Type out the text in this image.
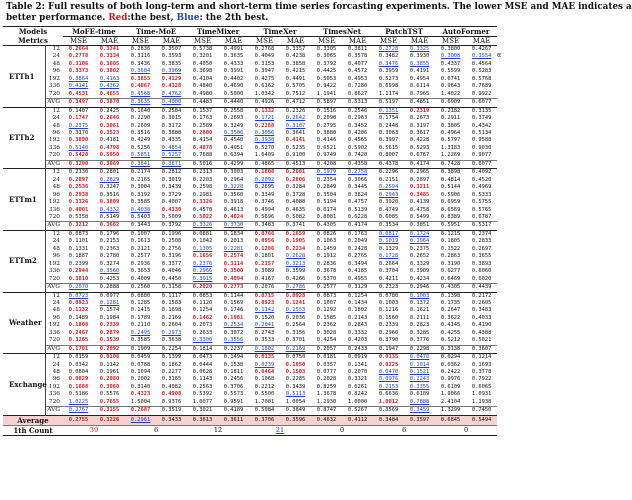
Table 2: Full results of both long-term and short-term time series forcasting experiments. The lower MSE and MAE indicates a
better performance. Red:the best, Blue: the 2th best.
Models		MoFE-time		Time-MoE		TimeMixer		TimeXer		TimesNet		PatchTST		AutoFormer			
Metrics		MSE	MAE	MSE	MAE	MSE	MAE	MSE	MAE	MSE	MAE	MSE	MAE	MSE	MAE		
ETTh1	12	0.2664	0.3241	0.2836	0.3507	0.5738	0.4991	0.2768	0.3357	0.3305	0.3811	0.2728	0.3325	0.3800	0.4267		
	24	0.2778	0.3334	0.3116	0.3593	0.3201	0.3635	0.4049	0.4238	0.3065	0.3578	0.3482	0.3930	0.3008	0.3554		
	48	0.3106	0.3605	0.3436	0.3835	0.4050	0.4333	0.3153	0.3858	0.3792	0.4077	0.3476	0.3855	0.4337	0.4564		
	96	0.3373	0.3802	0.3604	0.3969	0.3698	0.3991	0.3947	0.4215	0.4425	0.4572	0.3959	0.4191	0.5599	0.5283		
	192	0.3864	0.4163	0.3855	0.4129	0.4104	0.4402	0.4275	0.4491	0.5053	0.4953	0.5273	0.4954	0.6741	0.5768		
	336	0.4141	0.4362	0.4067	0.4328	0.4840	0.4690	0.6162	0.5705	0.9422	0.7280	0.6998	0.6114	0.9643	0.7689		
	720	0.4531	0.4655	0.4568	0.4762	0.4980	0.5000	1.0342	0.7512	1.1941	0.8627	1.1174	0.7965	1.4022	0.9922		
	AVG	0.3497	0.3870	0.3635	0.4000	0.4483	0.4440	0.4926	0.4712	0.5897	0.5313	0.5197	0.4851	0.6909	0.6077		
ETTh2	12	0.1407	0.2425	0.1640	0.2584	0.1537	0.2558	0.1332	0.2326	0.1516	0.2546	0.1351	0.2319	0.2182	0.3135		
	24	0.1747	0.2646	0.2290	0.3015	0.1763	0.2693	0.1721	0.2642	0.2090	0.2963	0.1754	0.2673	0.2911	0.3749		
	48	0.2375	0.3061	0.2609	0.3172	0.2589	0.3249	0.2288	0.3107	0.2795	0.3452	0.2448	0.3197	0.3805	0.4342		
	96	0.3170	0.3523	0.3516	0.3880	0.2800	0.3506	0.3056	0.3641	0.3880	0.4206	0.3063	0.3617	0.4964	0.5134		
	192	0.3890	0.4181	0.4249	0.4335	0.4154	0.4540	0.3938	0.4141	0.4146	0.4565	0.3997	0.4228	0.5797	0.9588		
	336	0.5140	0.4798	0.5256	0.4854	0.4878	0.4951	0.5270	0.5235	0.6521	0.5902	0.5615	0.5293	1.3183	0.9030		
	720	0.5428	0.5050	0.5851	0.5257	0.7688	0.6394	1.6409	0.9100	0.9749	0.7420	0.8007	0.6767	1.2269	0.9077		
	AVG	0.3290	0.3669	0.3641	0.3871	0.5016	0.4299	0.4865	0.4513	0.4208	0.4358	0.4378	0.4174	0.7428	0.6077		
ETTm1	12	0.2130	0.2801	0.2174	0.2812	0.2313	0.3003	0.1808	0.2601	0.1979	0.2758	0.2296	0.2965	0.3898	0.4092		
	24	0.2097	0.2829	0.2165	0.3019	0.2203	0.2964	0.2092	0.2806	0.2354	0.3066	0.2151	0.2897	0.4814	0.4520		
	48	0.2536	0.3247	0.3004	0.3439	0.2598	0.3228	0.2695	0.3284	0.2849	0.3445	0.2594	0.3211	0.5144	0.4969		
	96	0.2938	0.3516	0.3192	0.3729	0.2981	0.3560	0.3349	0.3728	0.3504	0.3824	0.2943	0.3485	0.5906	0.5333		
	192	0.3326	0.3809	0.3585	0.4007	0.3326	0.3918	0.3746	0.4088	0.5194	0.4757	0.3920	0.4139	0.6959	0.5755		
	336	0.4001	0.4332	0.4038	0.4330	0.4570	0.4613	0.4994	0.4635	0.6174	0.5139	0.4749	0.4758	0.6569	0.5765		
	720	0.5358	0.5149	0.5403	0.5009	0.5022	0.4824	0.5696	0.5082	0.8081	0.6228	0.6085	0.5499	0.8389	0.6787		
	AVG	0.3212	0.3682	0.3443	0.3792	0.3326	0.3730	0.3483	0.3741	0.4305	0.4174	0.3534	0.3851	0.5951	0.5317		
ETTm2	12	0.0873	0.1796	0.1007	0.1996	0.0881	0.1834	0.0766	0.1659	0.0826	0.1763	0.0817	0.1724	0.1215	0.2374		
	24	0.1101	0.2153	0.1613	0.2508	0.1042	0.2013	0.0956	0.1905	0.1063	0.2049	0.1019	0.1964	0.1805	0.2833		
	48	0.1331	0.2363	0.2121	0.2756	0.1305	0.2281	0.1286	0.2234	0.1459	0.2428	0.1329	0.2375	0.1522	0.2697		
	96	0.1887	0.2780	0.2577	0.3196	0.1656	0.2574	0.1801	0.2628	0.1912	0.2765	0.1728	0.2652	0.2863	0.3655		
	192	0.2399	0.3274	0.2936	0.3377	0.2376	0.3114	0.2357	0.3213	0.2836	0.3494	0.2664	0.3329	0.3190	0.3893		
	336	0.2944	0.3560	0.3653	0.4046	0.2966	0.3500	0.3089	0.3599	0.3678	0.4185	0.3704	0.3909	0.6277	0.6060		
	720	0.3810	0.4253	0.4009	0.4450	0.3915	0.4094	0.4167	0.4266	0.5370	0.4955	0.4211	0.4234	0.6469	0.6020		
	AVG	0.2070	0.2888	0.2560	0.3158	0.2020	0.2773	0.2076	0.2786	0.2577	0.3129	0.2323	0.2946	0.4305	0.4439		
Weather	12	0.0723	0.0977	0.0880	0.1117	0.0853	0.1144	0.0715	0.0928	0.0873	0.1254	0.0780	0.1003	0.1398	0.2172		
	24	0.0923	0.1281	0.1285	0.1583	0.1120	0.1569	0.0923	0.1241	0.1007	0.1434	0.1003	0.1372	0.1735	0.2605		
	48	0.1132	0.1574	0.1415	0.1698	0.1254	0.1746	0.1142	0.1553	0.1292	0.1802	0.1216	0.1621	0.2647	0.3483		
	96	0.1489	0.1984	0.1789	0.2169	0.1462	0.1981	0.1520	0.2036	0.1585	0.2143	0.1560	0.2111	0.3622	0.4033		
	192	0.1808	0.2339	0.2110	0.2604	0.2073	0.2534	0.2041	0.2564	0.2362	0.2843	0.2339	0.2823	0.4145	0.4190		
	336	0.2467	0.2879	0.2495	0.2973	0.2633	0.3072	0.2743	0.3156	0.3028	0.3332	0.2960	0.3285	0.4255	0.4388		
	720	0.3285	0.3539	0.3585	0.3638	0.3300	0.3556	0.3533	0.3701	0.4254	0.4203	0.3790	0.3776	0.5212	0.5021		
	AVG	0.1701	0.2092	0.1909	0.2254	0.1814	0.2237	0.1802	0.2169	0.2057	0.2433	0.1947	0.2298	0.3138	0.3607		
Exchange	12	0.0159	0.0106	0.0459	0.1399	0.0473	0.1494	0.0135	0.0750	0.0181	0.0919	0.0135	0.0470	0.0294	0.1214		
	24	0.0342	0.1142	0.0788	0.1862	0.0444	0.1538	0.0239	0.1050	0.0357	0.1341	0.0225	0.1014	0.0362	0.1693		
	48	0.0804	0.1961	0.1094	0.2277	0.0628	0.1811	0.0464	0.1503	0.0777	0.2070	0.0470	0.1521	0.2422	0.3778		
	96	0.0829	0.2080	0.2002	0.3165	0.1143	0.2456	0.1068	0.2285	0.2028	0.3321	0.0976	0.2243	0.9976	0.7922		
	192	0.1688	0.3060	0.3140	0.4082	0.2563	0.3706	0.2212	0.3439	0.8259	0.6261	0.2153	0.3355	0.6109	0.6065		
	336	0.5186	0.5576	0.4323	0.4908	0.5392	0.5573	0.5500	0.5113	1.3678	0.8242	0.6636	0.6109	1.9066	1.0931		
	720	1.0225	0.7655	1.5004	0.9376	1.0077	0.9591	1.7001	1.0054	1.2930	1.0000	1.0012	0.7880	2.4104	1.1938		
	AVG	0.2767	0.3155	0.2687	0.3519	0.3021	0.4189	0.5084	0.3849	0.8747	0.5267	0.3569	0.3459	1.3299	0.7450		
Average		0.2755	0.3226	0.2961	0.3433	0.3613	0.3611	0.3706	0.3596	0.4632	0.4112	0.3484	0.3597	0.6845	0.5494		
1th Count		39		6		12		21		0		6		0			
